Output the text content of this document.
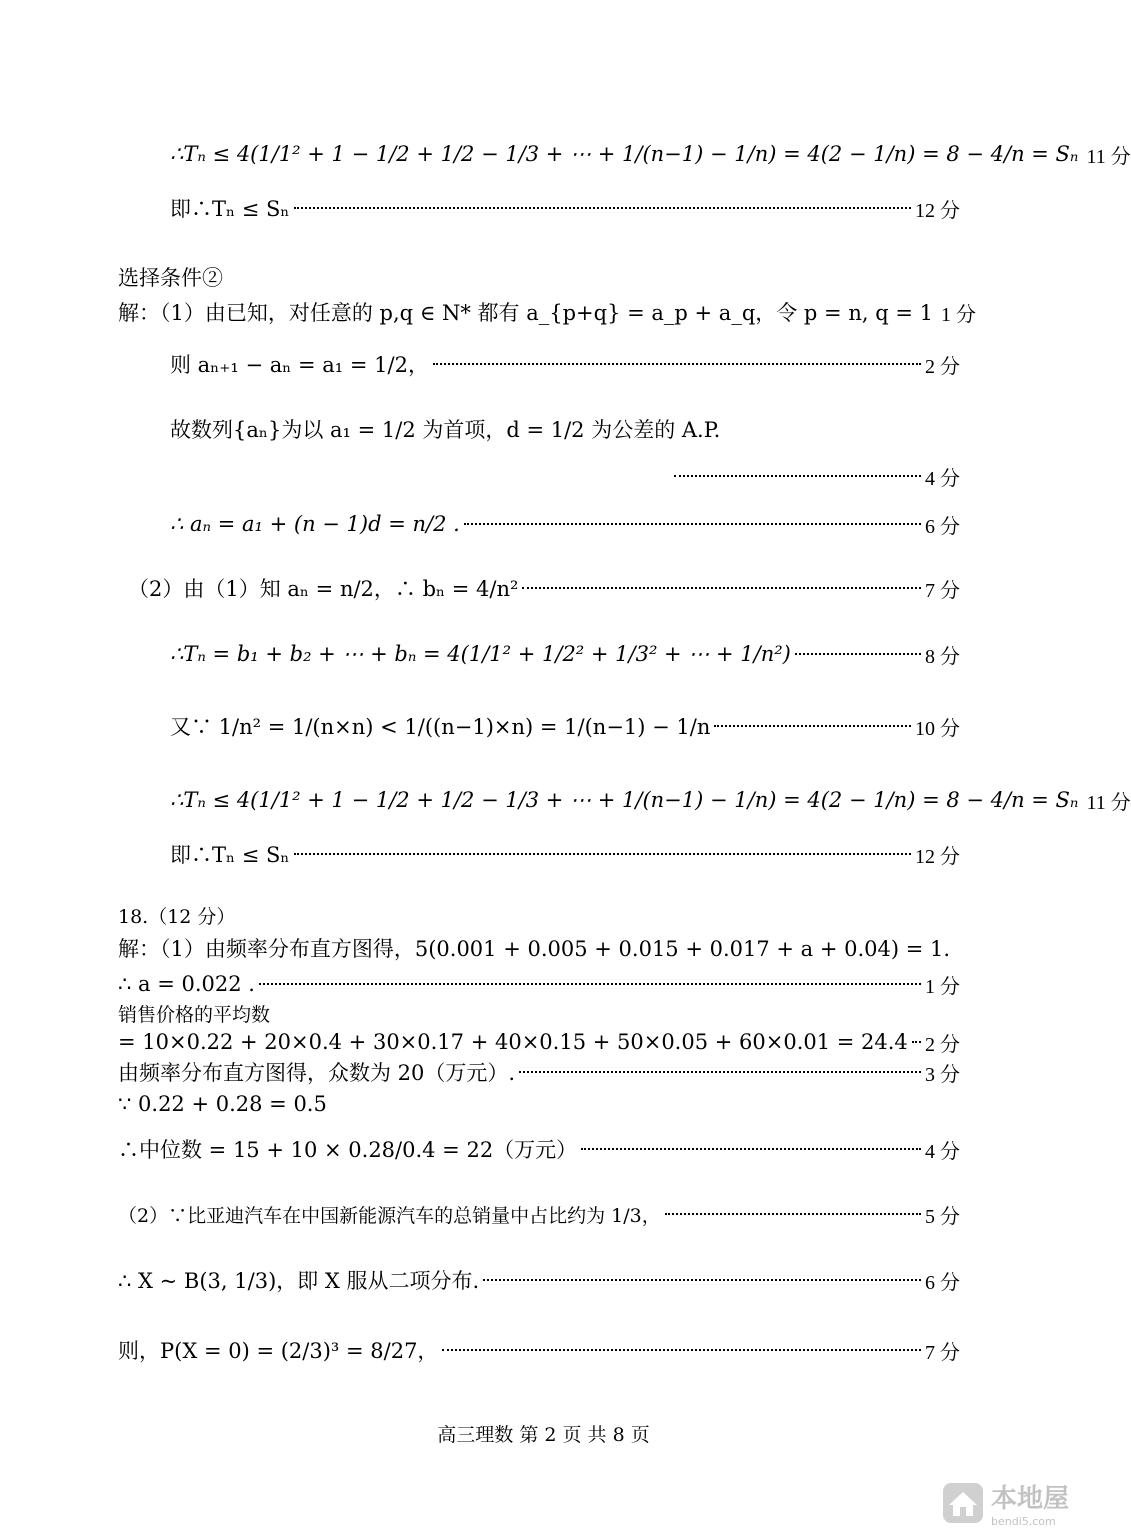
∴Tₙ ≤ 4(1/1² + 1 − 1/2 + 1/2 − 1/3 + ⋯ + 1/(n−1) − 1/n) = 4(2 − 1/n) = 8 − 4/n = Sₙ 11 分
即∴Tₙ ≤ Sₙ	12 分
选择条件②
解：（1）由已知，对任意的 p,q ∈ N* 都有 a_{p+q} = a_p + a_q，令 p = n, q = 1 1 分
则 aₙ₊₁ − aₙ = a₁ = 1/2，	2 分
故数列{aₙ}为以 a₁ = 1/2 为首项，d = 1/2 为公差的 A.P.
4 分
∴ aₙ = a₁ + (n − 1)d = n/2 .	6 分
（2）由（1）知 aₙ = n/2，∴ bₙ = 4/n²	7 分
∴Tₙ = b₁ + b₂ + ⋯ + bₙ = 4(1/1² + 1/2² + 1/3² + ⋯ + 1/n²)	8 分
又∵ 1/n² = 1/(n×n) < 1/((n−1)×n) = 1/(n−1) − 1/n	10 分
∴Tₙ ≤ 4(1/1² + 1 − 1/2 + 1/2 − 1/3 + ⋯ + 1/(n−1) − 1/n) = 4(2 − 1/n) = 8 − 4/n = Sₙ 11 分
即∴Tₙ ≤ Sₙ	12 分
18.（12 分）
解：（1）由频率分布直方图得，5(0.001 + 0.005 + 0.015 + 0.017 + a + 0.04) = 1.
∴ a = 0.022 .	1 分
销售价格的平均数
= 10×0.22 + 20×0.4 + 30×0.17 + 40×0.15 + 50×0.05 + 60×0.01 = 24.4 2 分
由频率分布直方图得，众数为 20（万元）.	3 分
∵ 0.22 + 0.28 = 0.5
∴中位数 = 15 + 10 × 0.28/0.4 = 22（万元）	4 分
（2）∵比亚迪汽车在中国新能源汽车的总销量中占比约为 1/3，	5 分
∴ X ~ B(3, 1/3)，即 X 服从二项分布.	6 分
则，P(X = 0) = (2/3)³ = 8/27，	7 分
高三理数 第 2 页 共 8 页
本地屋
bendi5.com
